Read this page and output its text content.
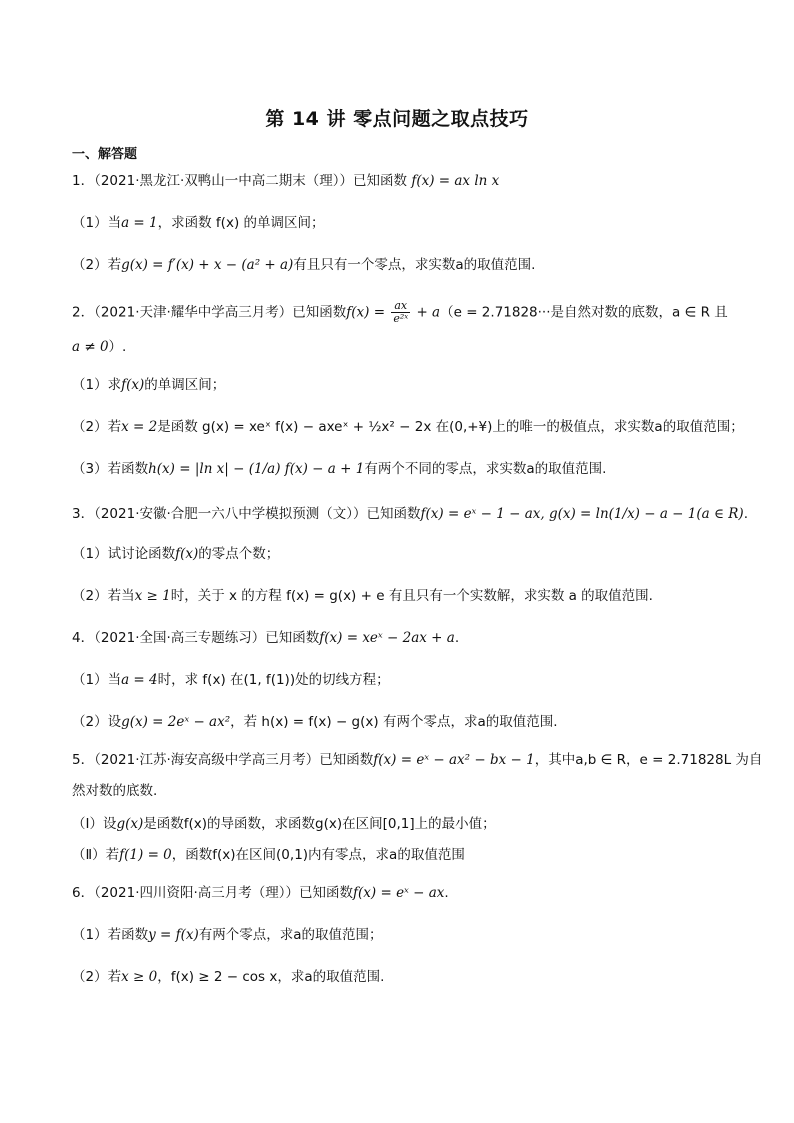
第 14 讲 零点问题之取点技巧
一、解答题
1．（2021·黑龙江·双鸭山一中高二期末（理））已知函数 f(x) = ax ln x
（1）当a = 1，求函数 f(x) 的单调区间；
（2）若g(x) = f′(x) + x − (a² + a)有且只有一个零点，求实数a的取值范围.
2．（2021·天津·耀华中学高三月考）已知函数$f(x) = \frac{ax}{\text{e²ˣ}} + a(e = 2.71828\cdot\cdot\cdot$是自然对数的底数，a ∈ R 且
a ≠ 0）.
（1）求f(x)的单调区间；
（2）若x = 2是函数 g(x) = xeˣ f(x) − axeˣ + ½x² − 2x 在(0,+¥)上的唯一的极值点，求实数a的取值范围；
（3）若函数h(x) = |ln x| − (1/a) f(x) − a + 1有两个不同的零点，求实数a的取值范围.
3．（2021·安徽·合肥一六八中学模拟预测（文））已知函数f(x) = eˣ − 1 − ax, g(x) = ln(1/x) − a − 1(a ∈ R).
（1）试讨论函数f(x)的零点个数；
（2）若当x ≥ 1时，关于 x 的方程 f(x) = g(x) + e 有且只有一个实数解，求实数 a 的取值范围.
4．（2021·全国·高三专题练习）已知函数f(x) = xeˣ − 2ax + a.
（1）当a = 4时，求 f(x) 在(1, f(1))处的切线方程；
（2）设g(x) = 2eˣ − ax²，若 h(x) = f(x) − g(x) 有两个零点，求a的取值范围.
5．（2021·江苏·海安高级中学高三月考）已知函数f(x) = eˣ − ax² − bx − 1，其中a,b ∈ R，e = 2.71828L 为自
然对数的底数.
（Ⅰ）设g(x)是函数f(x)的导函数，求函数g(x)在区间[0,1]上的最小值；
（Ⅱ）若f(1) = 0，函数f(x)在区间(0,1)内有零点，求a的取值范围
6．（2021·四川资阳·高三月考（理））已知函数f(x) = eˣ − ax.
（1）若函数y = f(x)有两个零点，求a的取值范围；
（2）若x ≥ 0，f(x) ≥ 2 − cos x，求a的取值范围.
